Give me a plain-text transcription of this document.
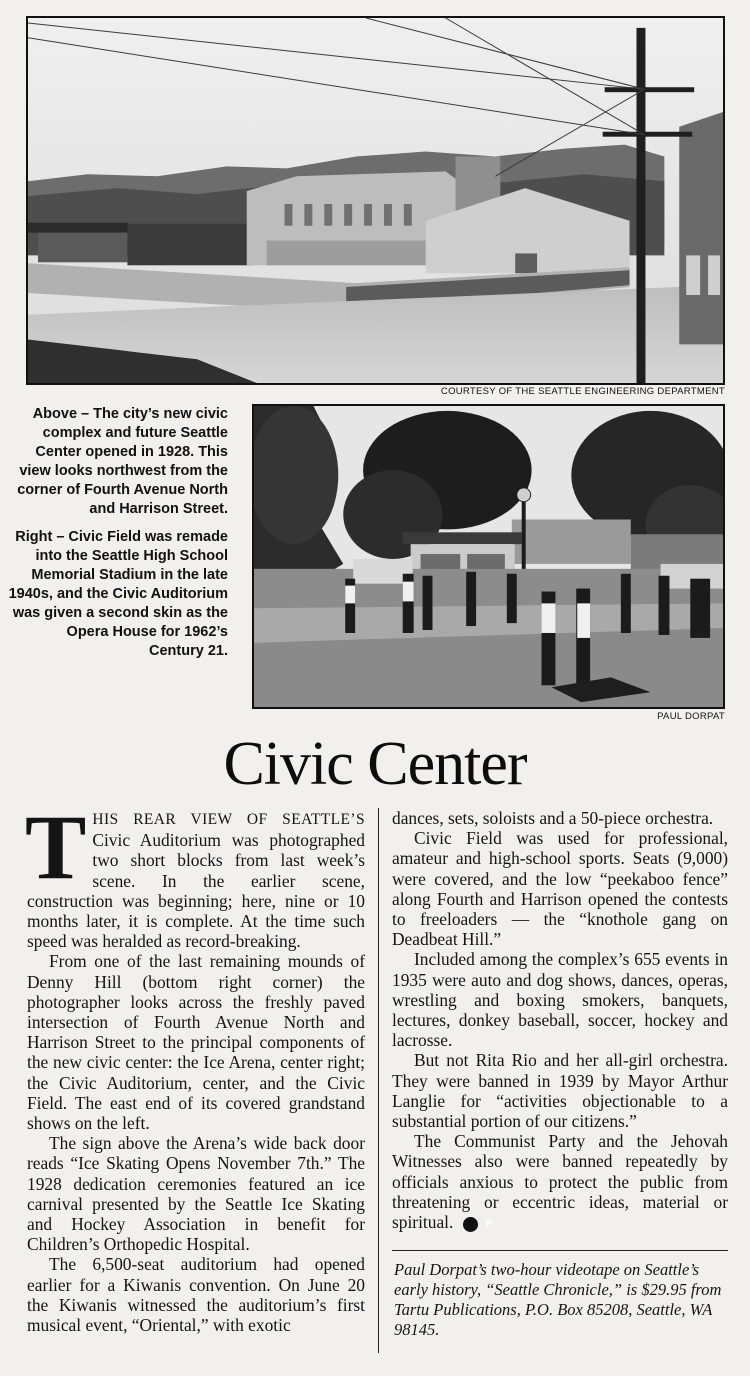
COURTESY OF THE SEATTLE ENGINEERING DEPARTMENT

Above – The city’s new civic complex and future Seattle Center opened in 1928. This view looks northwest from the corner of Fourth Avenue North and Harrison Street.

Right – Civic Field was remade into the Seattle High School Memorial Stadium in the late 1940s, and the Civic Auditorium was given a second skin as the Opera House for 1962’s Century 21.

PAUL DORPAT
Civic Center

THIS REAR VIEW OF SEATTLE’S Civic Auditorium was photographed two short blocks from last week’s scene. In the earlier scene, construction was beginning; here, nine or 10 months later, it is complete. At the time such speed was heralded as record-breaking.

From one of the last remaining mounds of Denny Hill (bottom right corner) the photographer looks across the freshly paved intersection of Fourth Avenue North and Harrison Street to the principal components of the new civic center: the Ice Arena, center right; the Civic Auditorium, center, and the Civic Field. The east end of its covered grandstand shows on the left.

The sign above the Arena’s wide back door reads “Ice Skating Opens November 7th.” The 1928 dedication ceremonies featured an ice carnival presented by the Seattle Ice Skating and Hockey Association in benefit for Children’s Orthopedic Hospital.

The 6,500-seat auditorium had opened earlier for a Kiwanis convention. On June 20 the Kiwanis witnessed the auditorium’s first musical event, “Oriental,” with exotic

dances, sets, soloists and a 50-piece orchestra.

Civic Field was used for professional, amateur and high-school sports. Seats (9,000) were covered, and the low “peekaboo fence” along Fourth and Harrison opened the contests to freeloaders — the “knothole gang on Deadbeat Hill.”

Included among the complex’s 655 events in 1935 were auto and dog shows, dances, operas, wrestling and boxing smokers, banquets, lectures, donkey baseball, soccer, hockey and lacrosse.

But not Rita Rio and her all-girl orchestra. They were banned in 1939 by Mayor Arthur Langlie for “activities objectionable to a substantial portion of our citizens.”

The Communist Party and the Jehovah Witnesses also were banned repeatedly by officials anxious to protect the public from threatening or eccentric ideas, material or spiritual.	P

Paul Dorpat’s two-hour videotape on Seattle’s early history, “Seattle Chronicle,” is $29.95 from Tartu Publications, P.O. Box 85208, Seattle, WA 98145.
